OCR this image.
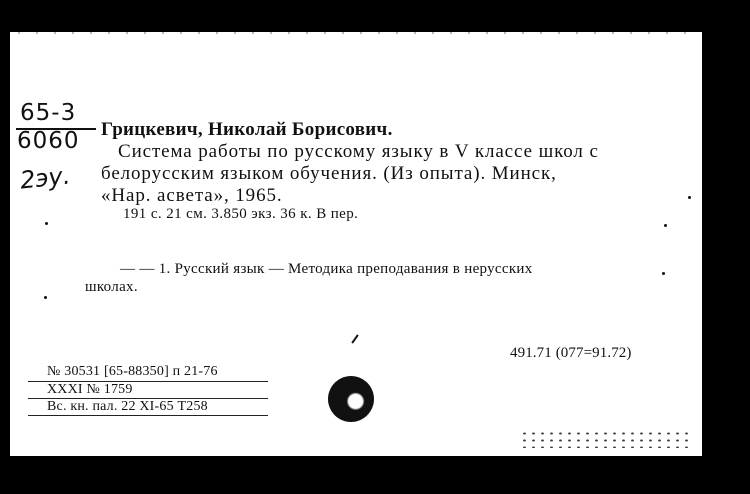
65-3
6060
2эу.
Грицкевич, Николай Борисович.
Система работы по русскому языку в V классе школ с
белорусским языком обучения. (Из опыта). Минск,
«Нар. асвета», 1965.
191 с. 21 см. 3.850 экз. 36 к. В пер.
— — 1. Русский язык — Методика преподавания в нерусских
школах.
491.71 (077=91.72)
№ 30531 [65-88350] п 21-76
XXXI № 1759
Вс. кн. пал. 22 XI-65 Т258
